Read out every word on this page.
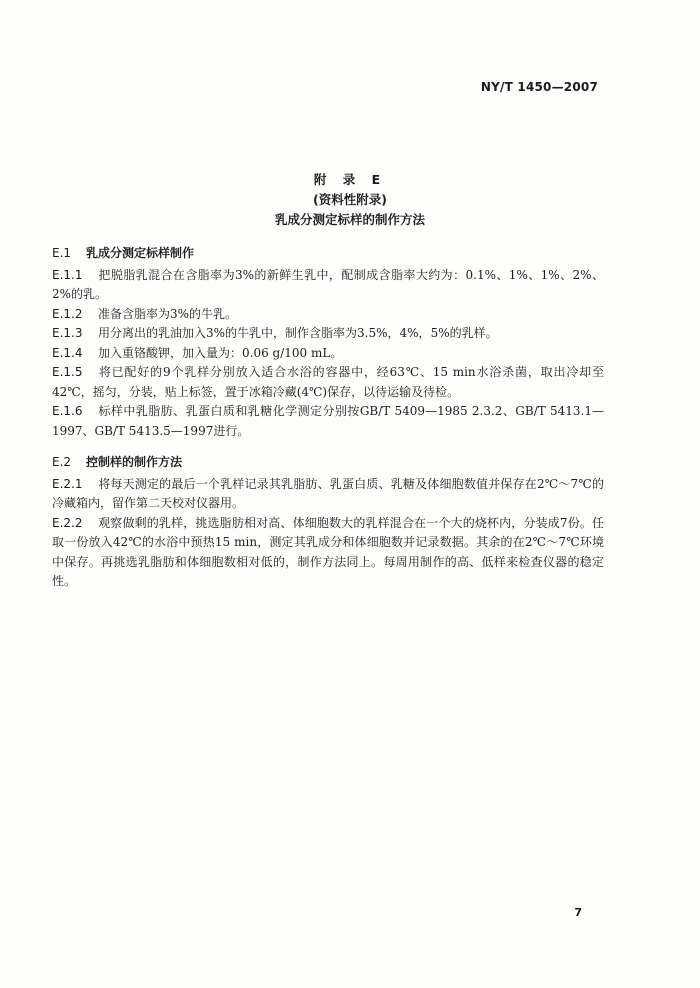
NY/T 1450—2007
附 录 E
(资料性附录)
乳成分测定标样的制作方法
E.1 乳成分测定标样制作

E.1.1 把脱脂乳混合在含脂率为3%的新鲜生乳中，配制成含脂率大约为：0.1%、1%、1%、2%、2%的乳。

E.1.2 准备含脂率为3%的牛乳。

E.1.3 用分离出的乳油加入3%的牛乳中，制作含脂率为3.5%，4%，5%的乳样。

E.1.4 加入重铬酸钾，加入量为：0.06 g/100 mL。

E.1.5 将已配好的9个乳样分别放入适合水浴的容器中，经63℃、15 min水浴杀菌，取出冷却至42℃，摇匀，分装，贴上标签，置于冰箱冷藏(4℃)保存，以待运输及待检。

E.1.6 标样中乳脂肪、乳蛋白质和乳糖化学测定分别按GB/T 5409—1985 2.3.2、GB/T 5413.1—1997、GB/T 5413.5—1997进行。

E.2 控制样的制作方法

E.2.1 将每天测定的最后一个乳样记录其乳脂肪、乳蛋白质、乳糖及体细胞数值并保存在2℃～7℃的冷藏箱内，留作第二天校对仪器用。

E.2.2 观察做剩的乳样，挑选脂肪相对高、体细胞数大的乳样混合在一个大的烧杯内，分装成7份。任取一份放入42℃的水浴中预热15 min，测定其乳成分和体细胞数并记录数据。其余的在2℃～7℃环境中保存。再挑选乳脂肪和体细胞数相对低的，制作方法同上。每周用制作的高、低样来检查仪器的稳定性。

7
